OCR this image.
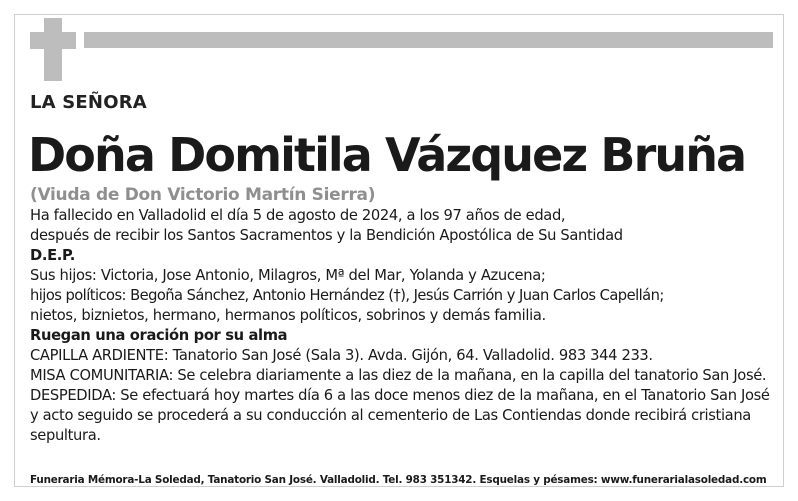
LA SEÑORA
Doña Domitila Vázquez Bruña
(Viuda de Don Victorio Martín Sierra)
Ha fallecido en Valladolid el día 5 de agosto de 2024, a los 97 años de edad,
después de recibir los Santos Sacramentos y la Bendición Apostólica de Su Santidad
D.E.P.
Sus hijos: Victoria, Jose Antonio, Milagros, Mª del Mar, Yolanda y Azucena;
hijos políticos: Begoña Sánchez, Antonio Hernández (†), Jesús Carrión y Juan Carlos Capellán;
nietos, biznietos, hermano, hermanos políticos, sobrinos y demás familia.
Ruegan una oración por su alma
CAPILLA ARDIENTE: Tanatorio San José (Sala 3). Avda. Gijón, 64. Valladolid. 983 344 233.
MISA COMUNITARIA: Se celebra diariamente a las diez de la mañana, en la capilla del tanatorio San José.
DESPEDIDA: Se efectuará hoy martes día 6 a las doce menos diez de la mañana, en el Tanatorio San José y acto seguido se procederá a su conducción al cementerio de Las Contiendas donde recibirá cristiana sepultura.
Funeraria Mémora-La Soledad, Tanatorio San José. Valladolid. Tel. 983 351342. Esquelas y pésames: www.funerarialasoledad.com
